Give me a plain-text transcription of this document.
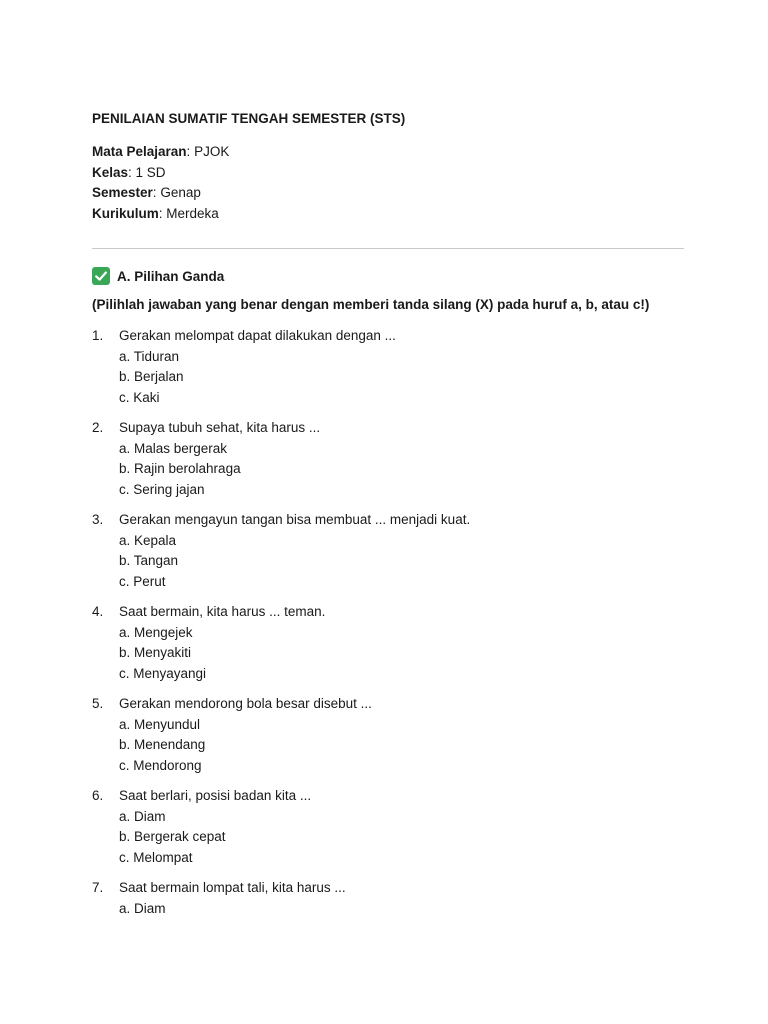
PENILAIAN SUMATIF TENGAH SEMESTER (STS)
Mata Pelajaran: PJOK
Kelas: 1 SD
Semester: Genap
Kurikulum: Merdeka
A. Pilihan Ganda
(Pilihlah jawaban yang benar dengan memberi tanda silang (X) pada huruf a, b, atau c!)
1.	Gerakan melompat dapat dilakukan dengan ...
a. Tiduran
b. Berjalan
c. Kaki
2.	Supaya tubuh sehat, kita harus ...
a. Malas bergerak
b. Rajin berolahraga
c. Sering jajan
3.	Gerakan mengayun tangan bisa membuat ... menjadi kuat.
a. Kepala
b. Tangan
c. Perut
4.	Saat bermain, kita harus ... teman.
a. Mengejek
b. Menyakiti
c. Menyayangi
5.	Gerakan mendorong bola besar disebut ...
a. Menyundul
b. Menendang
c. Mendorong
6.	Saat berlari, posisi badan kita ...
a. Diam
b. Bergerak cepat
c. Melompat
7.	Saat bermain lompat tali, kita harus ...
a. Diam
